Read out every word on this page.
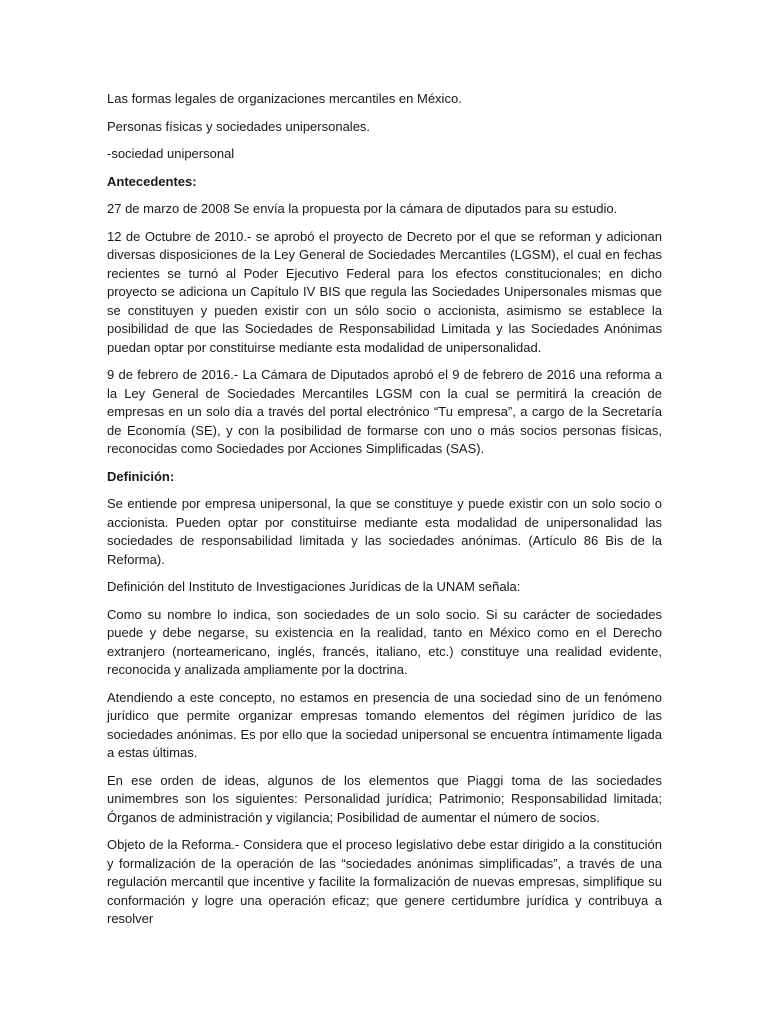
Las formas legales de organizaciones mercantiles en México.

Personas físicas y sociedades unipersonales.

-sociedad unipersonal

Antecedentes:

27 de marzo de 2008 Se envía la propuesta por la cámara de diputados para su estudio.

12 de Octubre de 2010.- se aprobó el proyecto de Decreto por el que se reforman y adicionan diversas disposiciones de la Ley General de Sociedades Mercantiles (LGSM), el cual en fechas recientes se turnó al Poder Ejecutivo Federal para los efectos constitucionales; en dicho proyecto se adiciona un Capítulo IV BIS que regula las Sociedades Unipersonales mismas que se constituyen y pueden existir con un sólo socio o accionista, asimismo se establece la posibilidad de que las Sociedades de Responsabilidad Limitada y las Sociedades Anónimas puedan optar por constituirse mediante esta modalidad de unipersonalidad.

9 de febrero de 2016.- La Cámara de Diputados aprobó el 9 de febrero de 2016 una reforma a la Ley General de Sociedades Mercantiles LGSM con la cual se permitirá la creación de empresas en un solo día a través del portal electrónico “Tu empresa”, a cargo de la Secretaría de Economía (SE), y con la posibilidad de formarse con uno o más socios personas físicas, reconocidas como Sociedades por Acciones Simplificadas (SAS).

Definición:

Se entiende por empresa unipersonal, la que se constituye y puede existir con un solo socio o accionista. Pueden optar por constituirse mediante esta modalidad de unipersonalidad las sociedades de responsabilidad limitada y las sociedades anónimas. (Artículo 86 Bis de la Reforma).

Definición del Instituto de Investigaciones Jurídicas de la UNAM señala:

Como su nombre lo indica, son sociedades de un solo socio. Si su carácter de sociedades puede y debe negarse, su existencia en la realidad, tanto en México como en el Derecho extranjero (norteamericano, inglés, francés, italiano, etc.) constituye una realidad evidente, reconocida y analizada ampliamente por la doctrina.

Atendiendo a este concepto, no estamos en presencia de una sociedad sino de un fenómeno jurídico que permite organizar empresas tomando elementos del régimen jurídico de las sociedades anónimas. Es por ello que la sociedad unipersonal se encuentra íntimamente ligada a estas últimas.

En ese orden de ideas, algunos de los elementos que Piaggi toma de las sociedades unimembres son los siguientes: Personalidad jurídica; Patrimonio; Responsabilidad limitada; Órganos de administración y vigilancia; Posibilidad de aumentar el número de socios.

Objeto de la Reforma.- Considera que el proceso legislativo debe estar dirigido a la constitución y formalización de la operación de las “sociedades anónimas simplificadas”, a través de una regulación mercantil que incentive y facilite la formalización de nuevas empresas, simplifique su conformación y logre una operación eficaz; que genere certidumbre jurídica y contribuya a resolver
